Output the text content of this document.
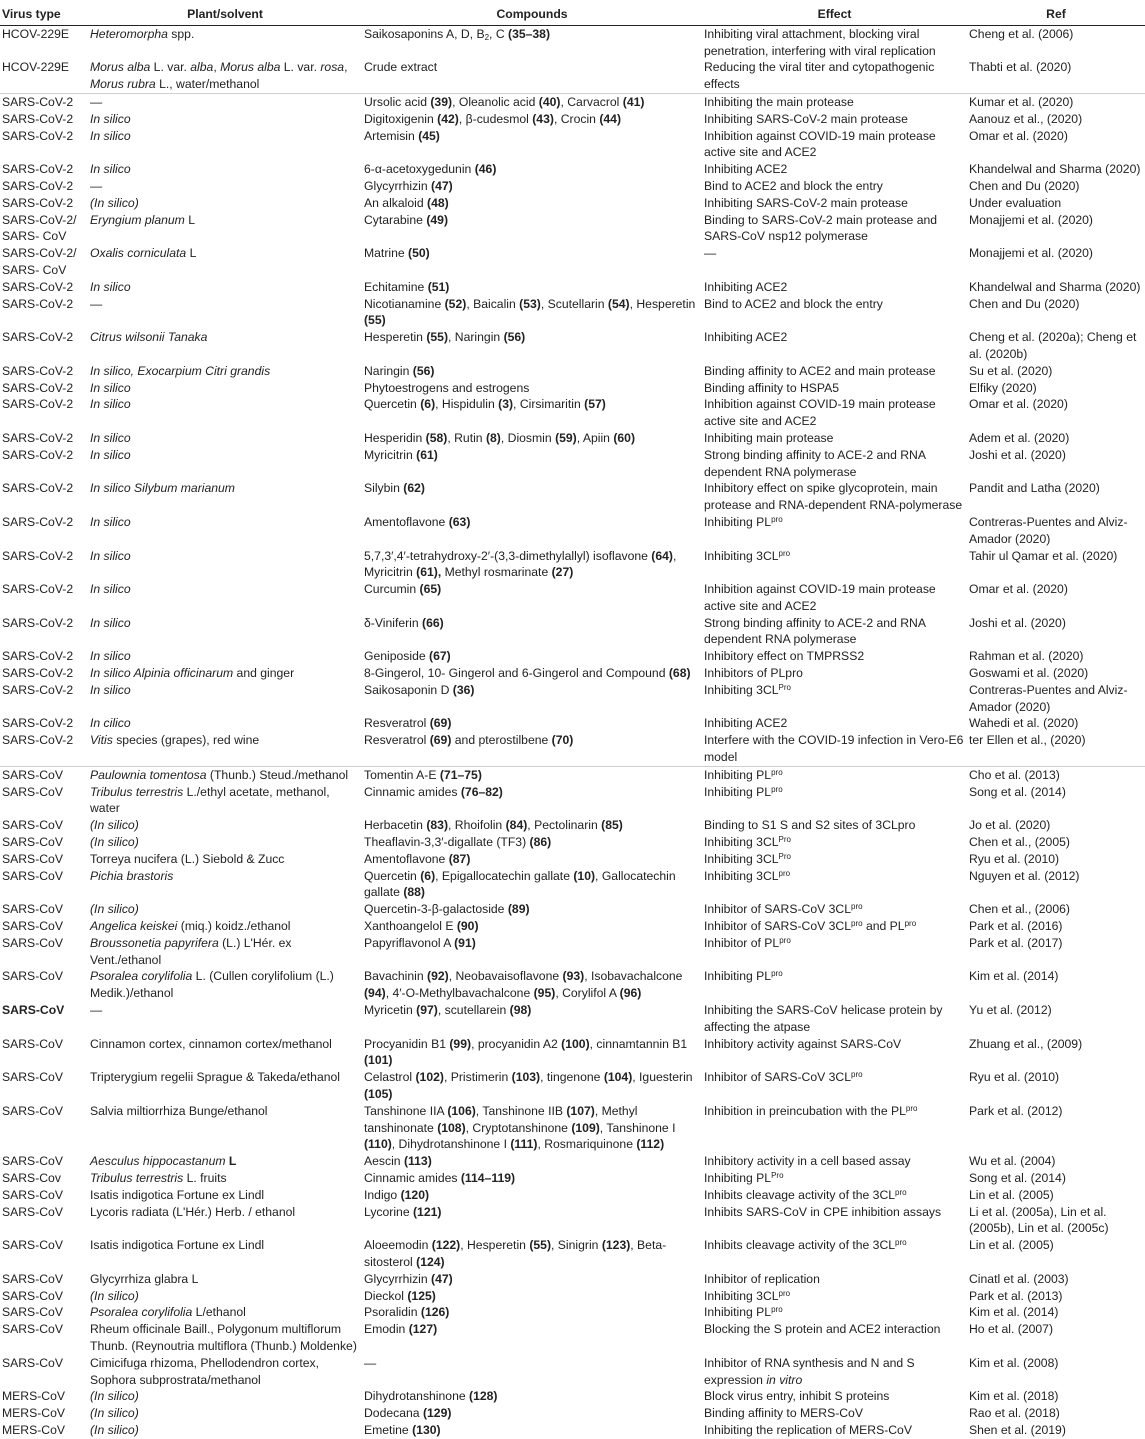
Virus type	Plant/solvent	Compounds	Effect	Ref
HCOV-229E	Heteromorpha spp.	Saikosaponins A, D, $B_2$, C (35–38)	Inhibiting viral attachment, blocking viral penetration, interfering with viral replication	Cheng et al. (2006)
HCOV-229E	Morus alba L. var. alba, Morus alba L. var. rosa, Morus rubra L., water/methanol	Crude extract	Reducing the viral titer and cytopathogenic effects	Thabti et al. (2020)
SARS-CoV-2	—	Ursolic acid (39), Oleanolic acid (40), Carvacrol (41)	Inhibiting the main protease	Kumar et al. (2020)
SARS-CoV-2	In silico	Digitoxigenin (42), β-cudesmol (43), Crocin (44)	Inhibiting SARS-CoV-2 main protease	Aanouz et al., (2020)
SARS-CoV-2	In silico	Artemisin (45)	Inhibition against COVID-19 main protease active site and ACE2	Omar et al. (2020)
SARS-CoV-2	In silico	6-α-acetoxygedunin (46)	Inhibiting ACE2	Khandelwal and Sharma (2020)
SARS-CoV-2	—	Glycyrrhizin (47)	Bind to ACE2 and block the entry	Chen and Du (2020)
SARS-CoV-2	(In silico)	An alkaloid (48)	Inhibiting SARS-CoV-2 main protease	Under evaluation
SARS-CoV-2/ SARS- CoV	Eryngium planum L	Cytarabine (49)	Binding to SARS-CoV-2 main protease and SARS-CoV nsp12 polymerase	Monajjemi et al. (2020)
SARS-CoV-2/ SARS- CoV	Oxalis corniculata L	Matrine (50)	—	Monajjemi et al. (2020)
SARS-CoV-2	In silico	Echitamine (51)	Inhibiting ACE2	Khandelwal and Sharma (2020)
SARS-CoV-2	—	Nicotianamine (52), Baicalin (53), Scutellarin (54), Hesperetin (55)	Bind to ACE2 and block the entry	Chen and Du (2020)
SARS-CoV-2	Citrus wilsonii Tanaka	Hesperetin (55), Naringin (56)	Inhibiting ACE2	Cheng et al. (2020a); Cheng et al. (2020b)
SARS-CoV-2	In silico, Exocarpium Citri grandis	Naringin (56)	Binding affinity to ACE2 and main protease	Su et al. (2020)
SARS-CoV-2	In silico	Phytoestrogens and estrogens	Binding affinity to HSPA5	Elfiky (2020)
SARS-CoV-2	In silico	Quercetin (6), Hispidulin (3), Cirsimaritin (57)	Inhibition against COVID-19 main protease active site and ACE2	Omar et al. (2020)
SARS-CoV-2	In silico	Hesperidin (58), Rutin (8), Diosmin (59), Apiin (60)	Inhibiting main protease	Adem et al. (2020)
SARS-CoV-2	In silico	Myricitrin (61)	Strong binding affinity to ACE-2 and RNA dependent RNA polymerase	Joshi et al. (2020)
SARS-CoV-2	In silico Silybum marianum	Silybin (62)	Inhibitory effect on spike glycoprotein, main protease and RNA-dependent RNA-polymerase	Pandit and Latha (2020)
SARS-CoV-2	In silico	Amentoflavone (63)	Inhibiting $PL^{pro}$	Contreras-Puentes and Alviz-Amador (2020)
SARS-CoV-2	In silico	5,7,3′,4′-tetrahydroxy-2′-(3,3-dimethylallyl) isoflavone (64), Myricitrin (61), Methyl rosmarinate (27)	Inhibiting $3CL^{pro}$	Tahir ul Qamar et al. (2020)
SARS-CoV-2	In silico	Curcumin (65)	Inhibition against COVID-19 main protease active site and ACE2	Omar et al. (2020)
SARS-CoV-2	In silico	δ-Viniferin (66)	Strong binding affinity to ACE-2 and RNA dependent RNA polymerase	Joshi et al. (2020)
SARS-CoV-2	In silico	Geniposide (67)	Inhibitory effect on TMPRSS2	Rahman et al. (2020)
SARS-CoV-2	In silico Alpinia officinarum and ginger	8-Gingerol, 10- Gingerol and 6-Gingerol and Compound (68)	Inhibitors of PLpro	Goswami et al. (2020)
SARS-CoV-2	In silico	Saikosaponin D (36)	Inhibiting $3CL^{Pro}$	Contreras-Puentes and Alviz-Amador (2020)
SARS-CoV-2	In cilico	Resveratrol (69)	Inhibiting ACE2	Wahedi et al. (2020)
SARS-CoV-2	Vitis species (grapes), red wine	Resveratrol (69) and pterostilbene (70)	Interfere with the COVID-19 infection in Vero-E6 model	ter Ellen et al., (2020)
SARS-CoV	Paulownia tomentosa (Thunb.) Steud./methanol	Tomentin A-E (71–75)	Inhibiting $PL^{pro}$	Cho et al. (2013)
SARS-CoV	Tribulus terrestris L./ethyl acetate, methanol, water	Cinnamic amides (76–82)	Inhibiting $PL^{pro}$	Song et al. (2014)
SARS-CoV	(In silico)	Herbacetin (83), Rhoifolin (84), Pectolinarin (85)	Binding to S1 S and S2 sites of 3CLpro	Jo et al. (2020)
SARS-CoV	(In silico)	Theaflavin-3,3′-digallate (TF3) (86)	Inhibiting $3CL^{Pro}$	Chen et al., (2005)
SARS-CoV	Torreya nucifera (L.) Siebold & Zucc	Amentoflavone (87)	Inhibiting $3CL^{Pro}$	Ryu et al. (2010)
SARS-CoV	Pichia brastoris	Quercetin (6), Epigallocatechin gallate (10), Gallocatechin gallate (88)	Inhibiting $3CL^{pro}$	Nguyen et al. (2012)
SARS-CoV	(In silico)	Quercetin-3-β-galactoside (89)	Inhibitor of SARS-CoV $3CL^{pro}$	Chen et al., (2006)
SARS-CoV	Angelica keiskei (miq.) koidz./ethanol	Xanthoangelol E (90)	Inhibitor of SARS-CoV $3CL^{pro}$ and $PL^{pro}$	Park et al. (2016)
SARS-CoV	Broussonetia papyrifera (L.) L'Hér. ex Vent./ethanol	Papyriflavonol A (91)	Inhibitor of $PL^{pro}$	Park et al. (2017)
SARS-CoV	Psoralea corylifolia L. (Cullen corylifolium (L.) Medik.)/ethanol	Bavachinin (92), Neobavaisoflavone (93), Isobavachalcone (94), 4′-O-Methylbavachalcone (95), Corylifol A (96)	Inhibiting $PL^{pro}$	Kim et al. (2014)
SARS-CoV	—	Myricetin (97), scutellarein (98)	Inhibiting the SARS-CoV helicase protein by affecting the atpase	Yu et al. (2012)
SARS-CoV	Cinnamon cortex, cinnamon cortex/methanol	Procyanidin B1 (99), procyanidin A2 (100), cinnamtannin B1 (101)	Inhibitory activity against SARS-CoV	Zhuang et al., (2009)
SARS-CoV	Tripterygium regelii Sprague & Takeda/ethanol	Celastrol (102), Pristimerin (103), tingenone (104), Iguesterin (105)	Inhibitor of SARS-CoV $3CL^{pro}$	Ryu et al. (2010)
SARS-CoV	Salvia miltiorrhiza Bunge/ethanol	Tanshinone IIA (106), Tanshinone IIB (107), Methyl tanshinonate (108), Cryptotanshinone (109), Tanshinone I (110), Dihydrotanshinone I (111), Rosmariquinone (112)	Inhibition in preincubation with the $PL^{pro}$	Park et al. (2012)
SARS-CoV	Aesculus hippocastanum L	Aescin (113)	Inhibitory activity in a cell based assay	Wu et al. (2004)
SARS-Cov	Tribulus terrestris L. fruits	Cinnamic amides (114–119)	Inhibiting $PL^{Pro}$	Song et al. (2014)
SARS-CoV	Isatis indigotica Fortune ex Lindl	Indigo (120)	Inhibits cleavage activity of the $3CL^{pro}$	Lin et al. (2005)
SARS-CoV	Lycoris radiata (L'Hér.) Herb. / ethanol	Lycorine (121)	Inhibits SARS-CoV in CPE inhibition assays	Li et al. (2005a), Lin et al. (2005b), Lin et al. (2005c)
SARS-CoV	Isatis indigotica Fortune ex Lindl	Aloeemodin (122), Hesperetin (55), Sinigrin (123), Beta-sitosterol (124)	Inhibits cleavage activity of the $3CL^{pro}$	Lin et al. (2005)
SARS-CoV	Glycyrrhiza glabra L	Glycyrrhizin (47)	Inhibitor of replication	Cinatl et al. (2003)
SARS-CoV	(In silico)	Dieckol (125)	Inhibiting $3CL^{pro}$	Park et al. (2013)
SARS-CoV	Psoralea corylifolia L/ethanol	Psoralidin (126)	Inhibiting $PL^{pro}$	Kim et al. (2014)
SARS-CoV	Rheum officinale Baill., Polygonum multiflorum Thunb. (Reynoutria multiflora (Thunb.) Moldenke)	Emodin (127)	Blocking the S protein and ACE2 interaction	Ho et al. (2007)
SARS-CoV	Cimicifuga rhizoma, Phellodendron cortex, Sophora subprostrata/methanol	—	Inhibitor of RNA synthesis and N and S expression in vitro	Kim et al. (2008)
MERS-CoV	(In silico)	Dihydrotanshinone (128)	Block virus entry, inhibit S proteins	Kim et al. (2018)
MERS-CoV	(In silico)	Dodecana (129)	Binding affinity to MERS-CoV	Rao et al. (2018)
MERS-CoV	(In silico)	Emetine (130)	Inhibiting the replication of MERS-CoV	Shen et al. (2019)
